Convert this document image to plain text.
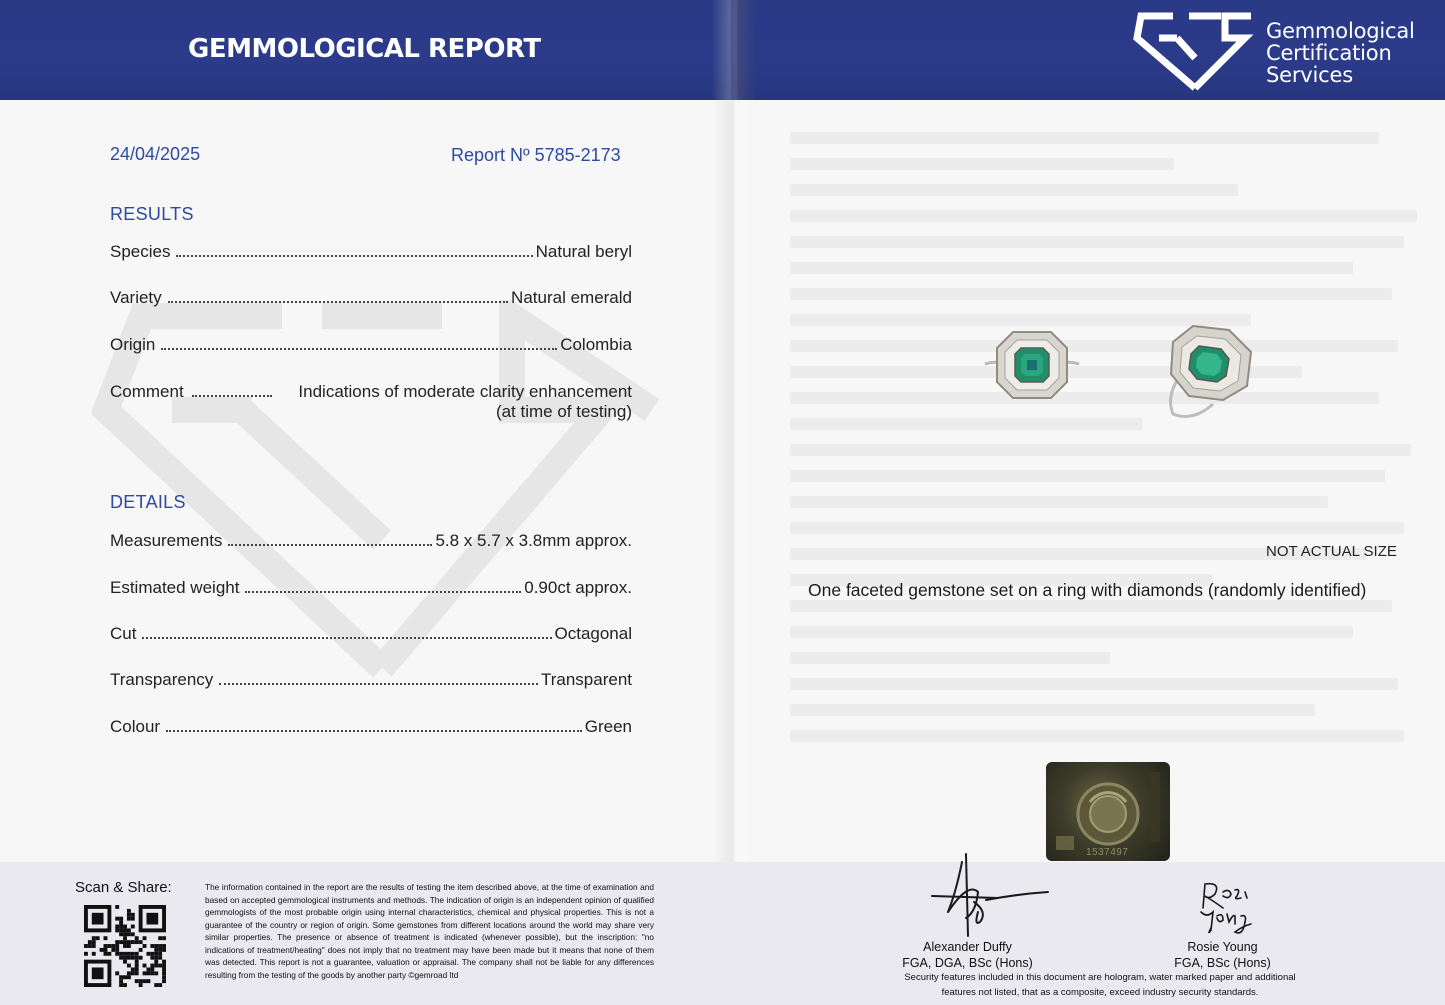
GEMMOLOGICAL REPORT
Gemmological
Certification
Services
24/04/2025	Report Nº 5785-2173
RESULTS
Species	Natural beryl
Variety	Natural emerald
Origin	Colombia
Comment	Indications of moderate clarity enhancement
(at time of testing)
DETAILS
Measurements	5.8 x 5.7 x 3.8mm approx.
Estimated weight	0.90ct approx.
Cut	Octagonal
Transparency	Transparent
Colour	Green
NOT ACTUAL SIZE
One faceted gemstone set on a ring with diamonds (randomly identified)
Scan & Share:	The information contained in the report are the results of testing the item described above, at the time of examination and based on accepted gemmological instruments and methods. The indication of origin is an independent opinion of qualified gemmologists of the most probable origin using internal characteristics, chemical and physical properties. This is not a guarantee of the country or region of origin. Some gemstones from different locations around the world may share very similar properties. The presence or absence of treatment is indicated (whenever possible), but the inscription: "no indications of treatment/heating" does not imply that no treatment may have been made but it means that none of them was detected. This report is not a guarantee, valuation or appraisal. The company shall not be liable for any differences resulting from the testing of the goods by another party ©gemroad ltd
1537497
Alexander Duffy
FGA, DGA, BSc (Hons)
Rosie Young
FGA, BSc (Hons)
Security features included in this document are hologram, water marked paper and additional
features not listed, that as a composite, exceed industry security standards.
